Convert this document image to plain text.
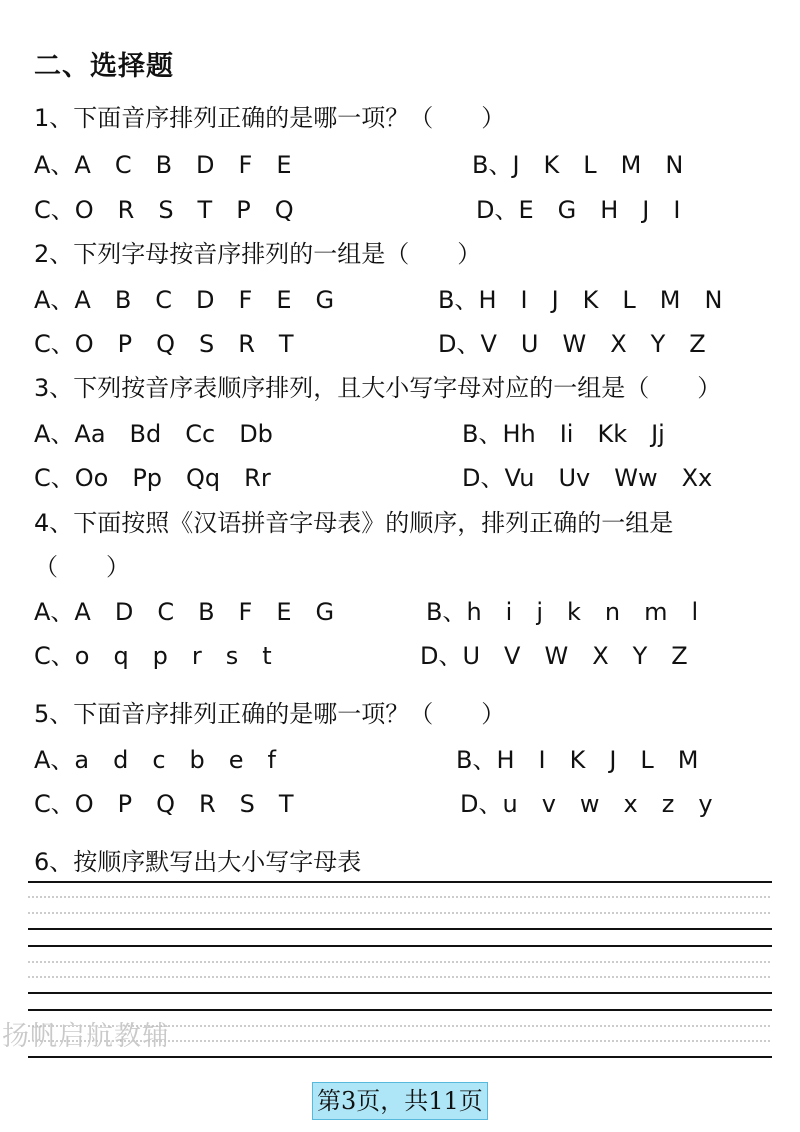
二、选择题
1、下面音序排列正确的是哪一项？（　　）
A、A　C　B　D　F　E	B、J　K　L　M　N
C、O　R　S　T　P　Q	D、E　G　H　J　I
2、下列字母按音序排列的一组是（　　）
A、A　B　C　D　F　E　G	B、H　I　J　K　L　M　N
C、O　P　Q　S　R　T	D、V　U　W　X　Y　Z
3、下列按音序表顺序排列，且大小写字母对应的一组是（　　）
A、Aa　Bd　Cc　Db	B、Hh　Ii　Kk　Jj
C、Oo　Pp　Qq　Rr	D、Vu　Uv　Ww　Xx
4、下面按照《汉语拼音字母表》的顺序，排列正确的一组是
（　　）
A、A　D　C　B　F　E　G	B、h　i　j　k　n　m　l
C、o　q　p　r　s　t	D、U　V　W　X　Y　Z
5、下面音序排列正确的是哪一项？（　　）
A、a　d　c　b　e　f	B、H　I　K　J　L　M
C、O　P　Q　R　S　T	D、u　v　w　x　z　y
6、按顺序默写出大小写字母表
扬帆启航教辅
第3页，共11页
